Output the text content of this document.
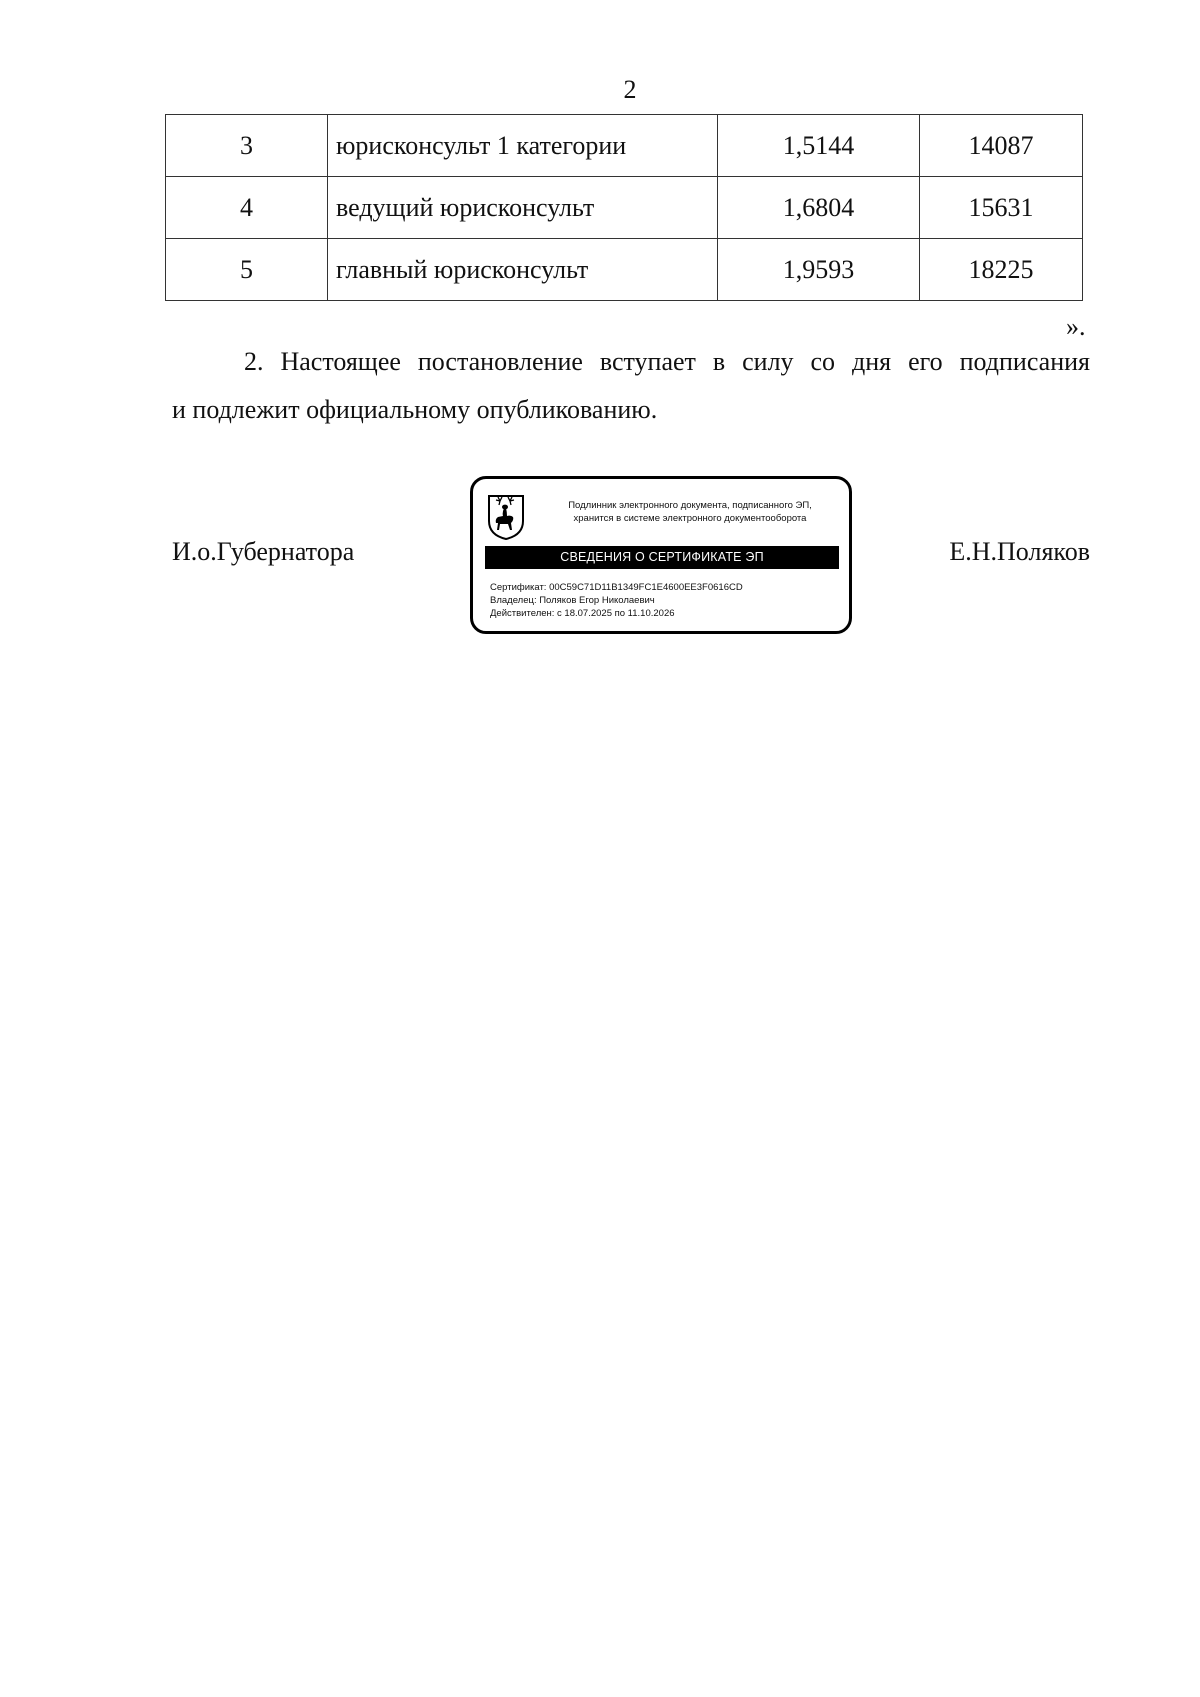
2
3	юрисконсульт 1 категории	1,5144	14087
4	ведущий юрисконсульт	1,6804	15631
5	главный юрисконсульт	1,9593	18225
».
2. Настоящее постановление вступает в силу со дня его подписания
и подлежит официальному опубликованию.
И.о.Губернатора
Подлинник электронного документа, подписанного ЭП,
хранится в системе электронного документооборота
СВЕДЕНИЯ О СЕРТИФИКАТЕ ЭП
Сертификат: 00C59C71D11B1349FC1E4600EE3F0616CD
Владелец: Поляков Егор Николаевич
Действителен: с 18.07.2025 по 11.10.2026
Е.Н.Поляков
